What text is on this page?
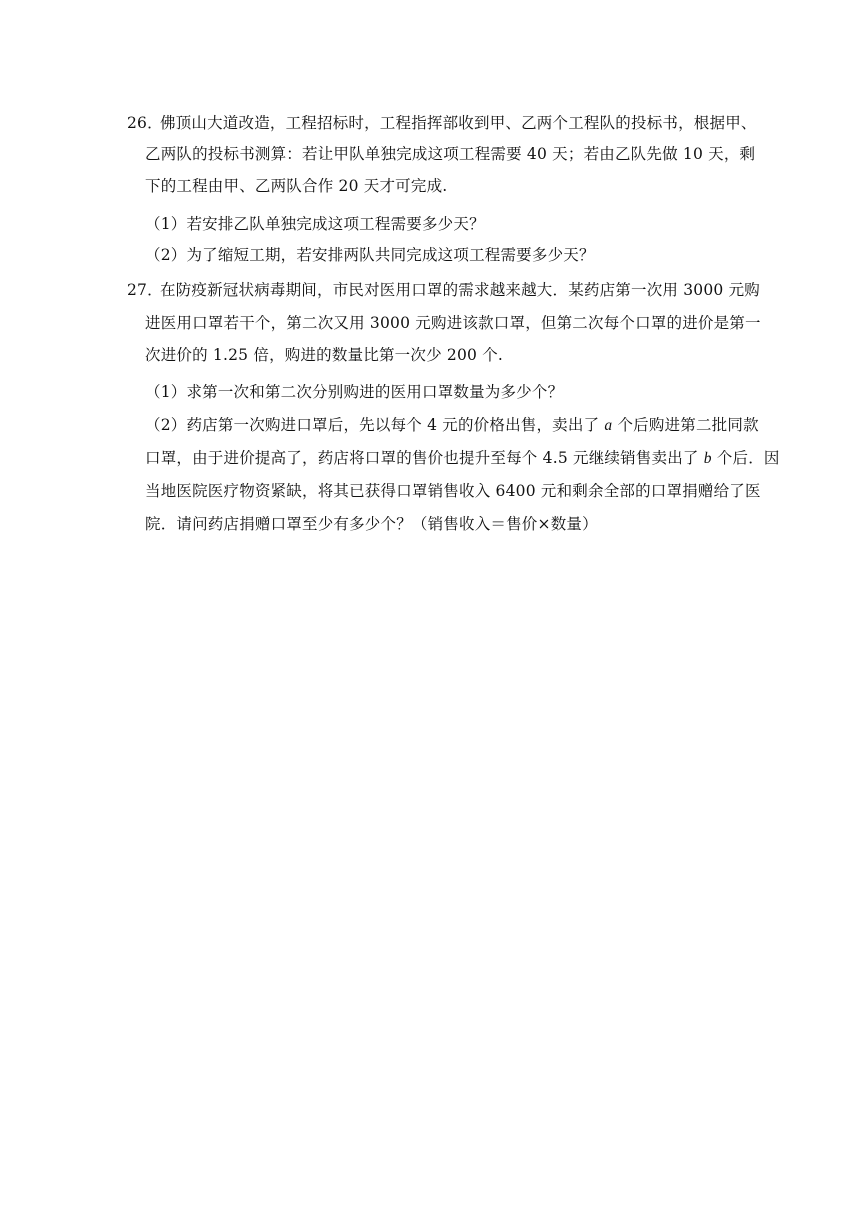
26．
佛顶山大道改造，工程招标时，工程指挥部收到甲、乙两个工程队的投标书，根据甲、
乙两队的投标书测算：若让甲队单独完成这项工程需要 40 天；若由乙队先做 10 天，剩
下的工程由甲、乙两队合作 20 天才可完成.
（1）若安排乙队单独完成这项工程需要多少天？
（2）为了缩短工期，若安排两队共同完成这项工程需要多少天？
27．
在防疫新冠状病毒期间，市民对医用口罩的需求越来越大．某药店第一次用 3000 元购
进医用口罩若干个，第二次又用 3000 元购进该款口罩，但第二次每个口罩的进价是第一
次进价的 1.25 倍，购进的数量比第一次少 200 个.
（1）求第一次和第二次分别购进的医用口罩数量为多少个？
（2）药店第一次购进口罩后，先以每个 4 元的价格出售，卖出了 a 个后购进第二批同款
口罩，由于进价提高了，药店将口罩的售价也提升至每个 4.5 元继续销售卖出了 b 个后．因
当地医院医疗物资紧缺，将其已获得口罩销售收入 6400 元和剩余全部的口罩捐赠给了医
院．请问药店捐赠口罩至少有多少个？（销售收入＝售价×数量）
